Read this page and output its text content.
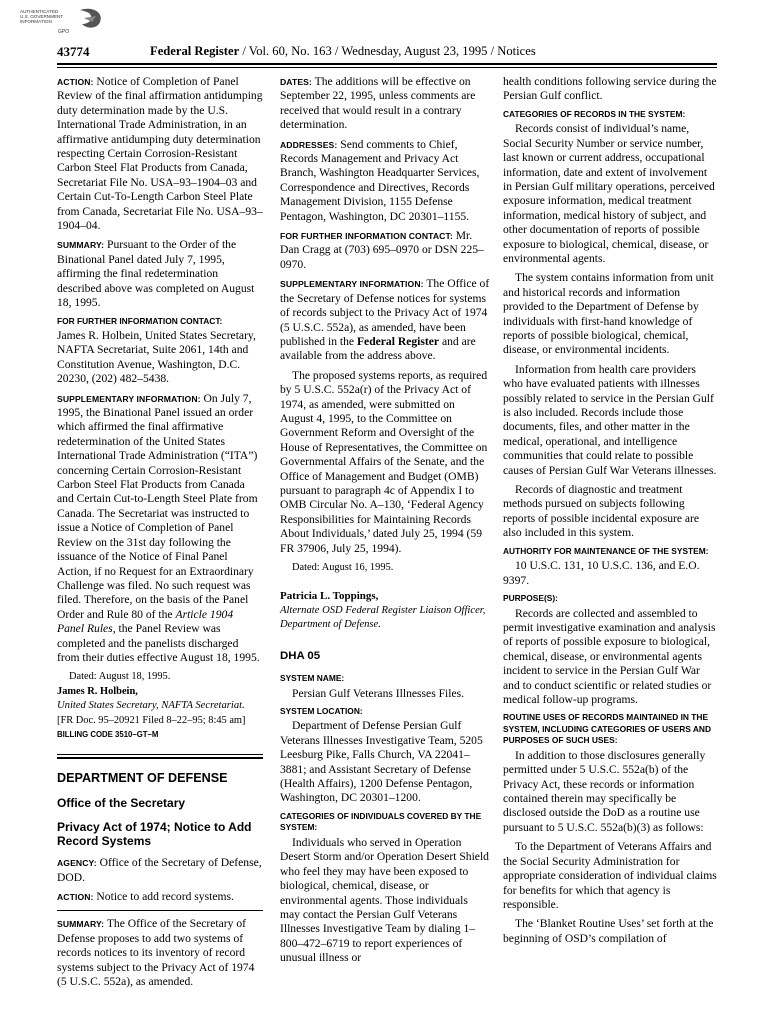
AUTHENTICATED
U.S. GOVERNMENT
INFORMATION
GPO
43774	Federal Register / Vol. 60, No. 163 / Wednesday, August 23, 1995 / Notices

ACTION: Notice of Completion of Panel Review of the final affirmation antidumping duty determination made by the U.S. International Trade Administration, in an affirmative antidumping duty determination respecting Certain Corrosion-Resistant Carbon Steel Flat Products from Canada, Secretariat File No. USA–93–1904–03 and Certain Cut-To-Length Carbon Steel Plate from Canada, Secretariat File No. USA–93–1904–04.

SUMMARY: Pursuant to the Order of the Binational Panel dated July 7, 1995, affirming the final redetermination described above was completed on August 18, 1995.

FOR FURTHER INFORMATION CONTACT:

James R. Holbein, United States Secretary, NAFTA Secretariat, Suite 2061, 14th and Constitution Avenue, Washington, D.C. 20230, (202) 482–5438.

SUPPLEMENTARY INFORMATION: On July 7, 1995, the Binational Panel issued an order which affirmed the final affirmative redetermination of the United States International Trade Administration (“ITA”) concerning Certain Corrosion-Resistant Carbon Steel Flat Products from Canada and Certain Cut-to-Length Steel Plate from Canada. The Secretariat was instructed to issue a Notice of Completion of Panel Review on the 31st day following the issuance of the Notice of Final Panel Action, if no Request for an Extraordinary Challenge was filed. No such request was filed. Therefore, on the basis of the Panel Order and Rule 80 of the Article 1904 Panel Rules, the Panel Review was completed and the panelists discharged from their duties effective August 18, 1995.

Dated: August 18, 1995.
James R. Holbein,
United States Secretary, NAFTA Secretariat.
[FR Doc. 95–20921 Filed 8–22–95; 8:45 am]
BILLING CODE 3510–GT–M
DEPARTMENT OF DEFENSE
Office of the Secretary
Privacy Act of 1974; Notice to Add Record Systems

AGENCY: Office of the Secretary of Defense, DOD.

ACTION: Notice to add record systems.

SUMMARY: The Office of the Secretary of Defense proposes to add two systems of records notices to its inventory of record systems subject to the Privacy Act of 1974 (5 U.S.C. 552a), as amended.

DATES: The additions will be effective on September 22, 1995, unless comments are received that would result in a contrary determination.

ADDRESSES: Send comments to Chief, Records Management and Privacy Act Branch, Washington Headquarter Services, Correspondence and Directives, Records Management Division, 1155 Defense Pentagon, Washington, DC 20301–1155.

FOR FURTHER INFORMATION CONTACT: Mr. Dan Cragg at (703) 695–0970 or DSN 225–0970.

SUPPLEMENTARY INFORMATION: The Office of the Secretary of Defense notices for systems of records subject to the Privacy Act of 1974 (5 U.S.C. 552a), as amended, have been published in the Federal Register and are available from the address above.

The proposed systems reports, as required by 5 U.S.C. 552a(r) of the Privacy Act of 1974, as amended, were submitted on August 4, 1995, to the Committee on Government Reform and Oversight of the House of Representatives, the Committee on Governmental Affairs of the Senate, and the Office of Management and Budget (OMB) pursuant to paragraph 4c of Appendix I to OMB Circular No. A–130, ‘Federal Agency Responsibilities for Maintaining Records About Individuals,’ dated July 25, 1994 (59 FR 37906, July 25, 1994).

Dated: August 16, 1995.
Patricia L. Toppings,
Alternate OSD Federal Register Liaison Officer, Department of Defense.
DHA 05
SYSTEM NAME:

Persian Gulf Veterans Illnesses Files.

SYSTEM LOCATION:

Department of Defense Persian Gulf Veterans Illnesses Investigative Team, 5205 Leesburg Pike, Falls Church, VA 22041–3881; and Assistant Secretary of Defense (Health Affairs), 1200 Defense Pentagon, Washington, DC 20301–1200.

CATEGORIES OF INDIVIDUALS COVERED BY THE SYSTEM:

Individuals who served in Operation Desert Storm and/or Operation Desert Shield who feel they may have been exposed to biological, chemical, disease, or environmental agents. Those individuals may contact the Persian Gulf Veterans Illnesses Investigative Team by dialing 1–800–472–6719 to report experiences of unusual illness or

health conditions following service during the Persian Gulf conflict.

CATEGORIES OF RECORDS IN THE SYSTEM:

Records consist of individual’s name, Social Security Number or service number, last known or current address, occupational information, date and extent of involvement in Persian Gulf military operations, perceived exposure information, medical treatment information, medical history of subject, and other documentation of reports of possible exposure to biological, chemical, disease, or environmental agents.

The system contains information from unit and historical records and information provided to the Department of Defense by individuals with first-hand knowledge of reports of possible biological, chemical, disease, or environmental incidents.

Information from health care providers who have evaluated patients with illnesses possibly related to service in the Persian Gulf is also included. Records include those documents, files, and other matter in the medical, operational, and intelligence communities that could relate to possible causes of Persian Gulf War Veterans illnesses.

Records of diagnostic and treatment methods pursued on subjects following reports of possible incidental exposure are also included in this system.

AUTHORITY FOR MAINTENANCE OF THE SYSTEM:

10 U.S.C. 131, 10 U.S.C. 136, and E.O. 9397.

PURPOSE(S):

Records are collected and assembled to permit investigative examination and analysis of reports of possible exposure to biological, chemical, disease, or environmental agents incident to service in the Persian Gulf War and to conduct scientific or related studies or medical follow-up programs.

ROUTINE USES OF RECORDS MAINTAINED IN THE SYSTEM, INCLUDING CATEGORIES OF USERS AND PURPOSES OF SUCH USES:

In addition to those disclosures generally permitted under 5 U.S.C. 552a(b) of the Privacy Act, these records or information contained therein may specifically be disclosed outside the DoD as a routine use pursuant to 5 U.S.C. 552a(b)(3) as follows:

To the Department of Veterans Affairs and the Social Security Administration for appropriate consideration of individual claims for benefits for which that agency is responsible.

The ‘Blanket Routine Uses’ set forth at the beginning of OSD’s compilation of
